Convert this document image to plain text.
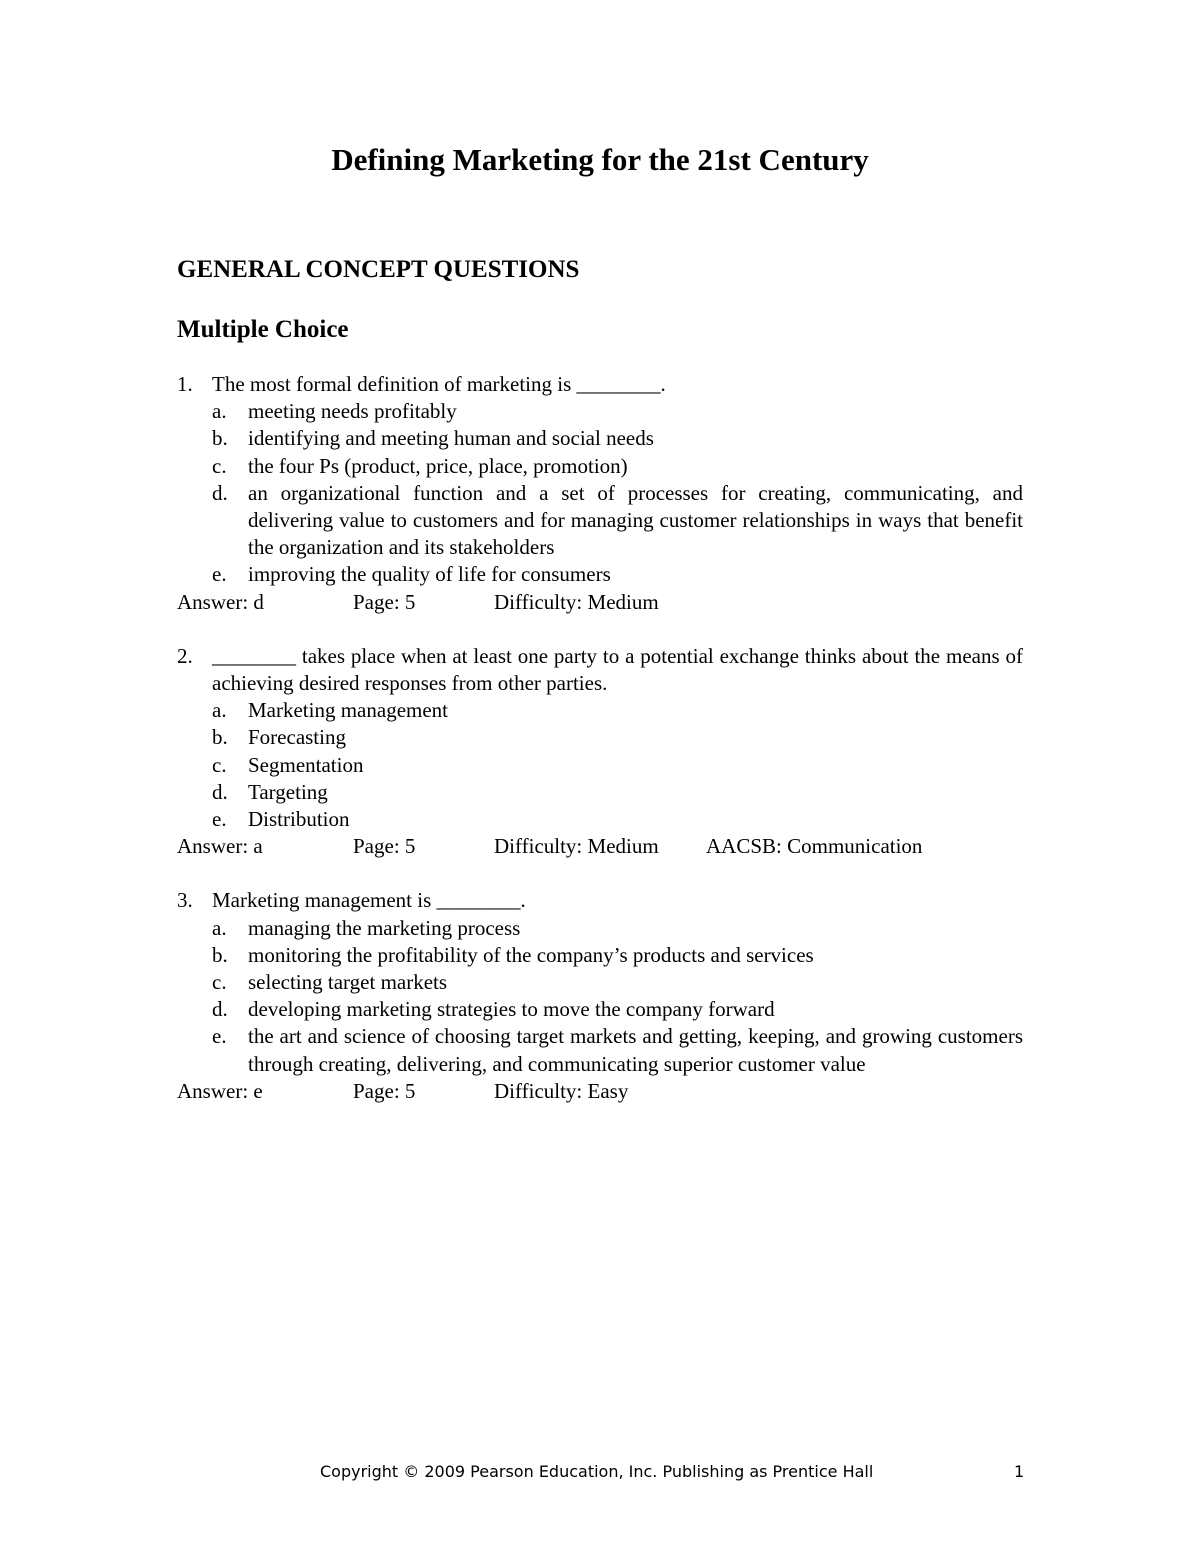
Defining Marketing for the 21st Century
GENERAL CONCEPT QUESTIONS
Multiple Choice
1. The most formal definition of marketing is ________.
a.	meeting needs profitably
b. identifying and meeting human and social needs
c.	the four Ps (product, price, place, promotion)
d. an organizational function and a set of processes for creating, communicating, and delivering value to customers and for managing customer relationships in ways that benefit the organization and its stakeholders
e.	improving the quality of life for consumers
Answer: d	Page: 5	Difficulty: Medium
2. ________ takes place when at least one party to a potential exchange thinks about the means of achieving desired responses from other parties.
a.	Marketing management
b. Forecasting
c.	Segmentation
d. Targeting
e.	Distribution
Answer: a	Page: 5	Difficulty: Medium	AACSB: Communication
3. Marketing management is ________.
a.	managing the marketing process
b. monitoring the profitability of the company’s products and services
c.	selecting target markets
d. developing marketing strategies to move the company forward
e.	the art and science of choosing target markets and getting, keeping, and growing customers through creating, delivering, and communicating superior customer value
Answer: e	Page: 5	Difficulty: Easy
Copyright © 2009 Pearson Education, Inc. Publishing as Prentice Hall	1
